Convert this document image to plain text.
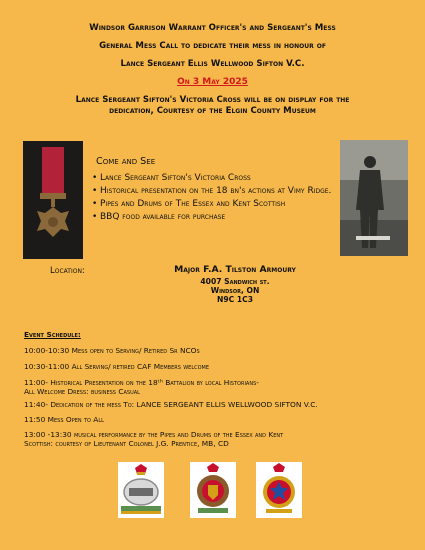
Windsor Garrison Warrant Officer's and Sergeant's Mess
General Mess Call to dedicate their mess in honour of
Lance Sergeant Ellis Wellwood Sifton V.C.
On 3 May 2025
Lance Sergeant Sifton's Victoria Cross will be on display for the
dedication, Courtesy of the Elgin County Museum
Come and See
• Lance Sergeant Sifton's Victoria Cross
• Historical presentation on the 18 bn's actions at Vimy Ridge.
• Pipes and Drums of The Essex and Kent Scottish
• BBQ food available for purchase
Location:	Major F.A. Tilston Armoury
4007 Sandwich st.
Windsor, ON
N9C 1C3
Event Schedule:
10:00-10:30 Mess open to Serving/ Retired Sr NCOs
10:30-11:00 All Serving/ retired CAF Members welcome
11:00- Historical Presentation on the 18ᵗʰ Battalion by local Historians-
All Welcome Dress: business Casual
11:40- Dedication of the mess To: LANCE SERGEANT ELLIS WELLWOOD SIFTON V.C.
11:50 Mess Open to All
13:00 -13:30 musical performance by the Pipes and Drums of the Essex and Kent
Scottish: courtesy of Lieutenant Colonel J.G. Prentice, MB, CD
